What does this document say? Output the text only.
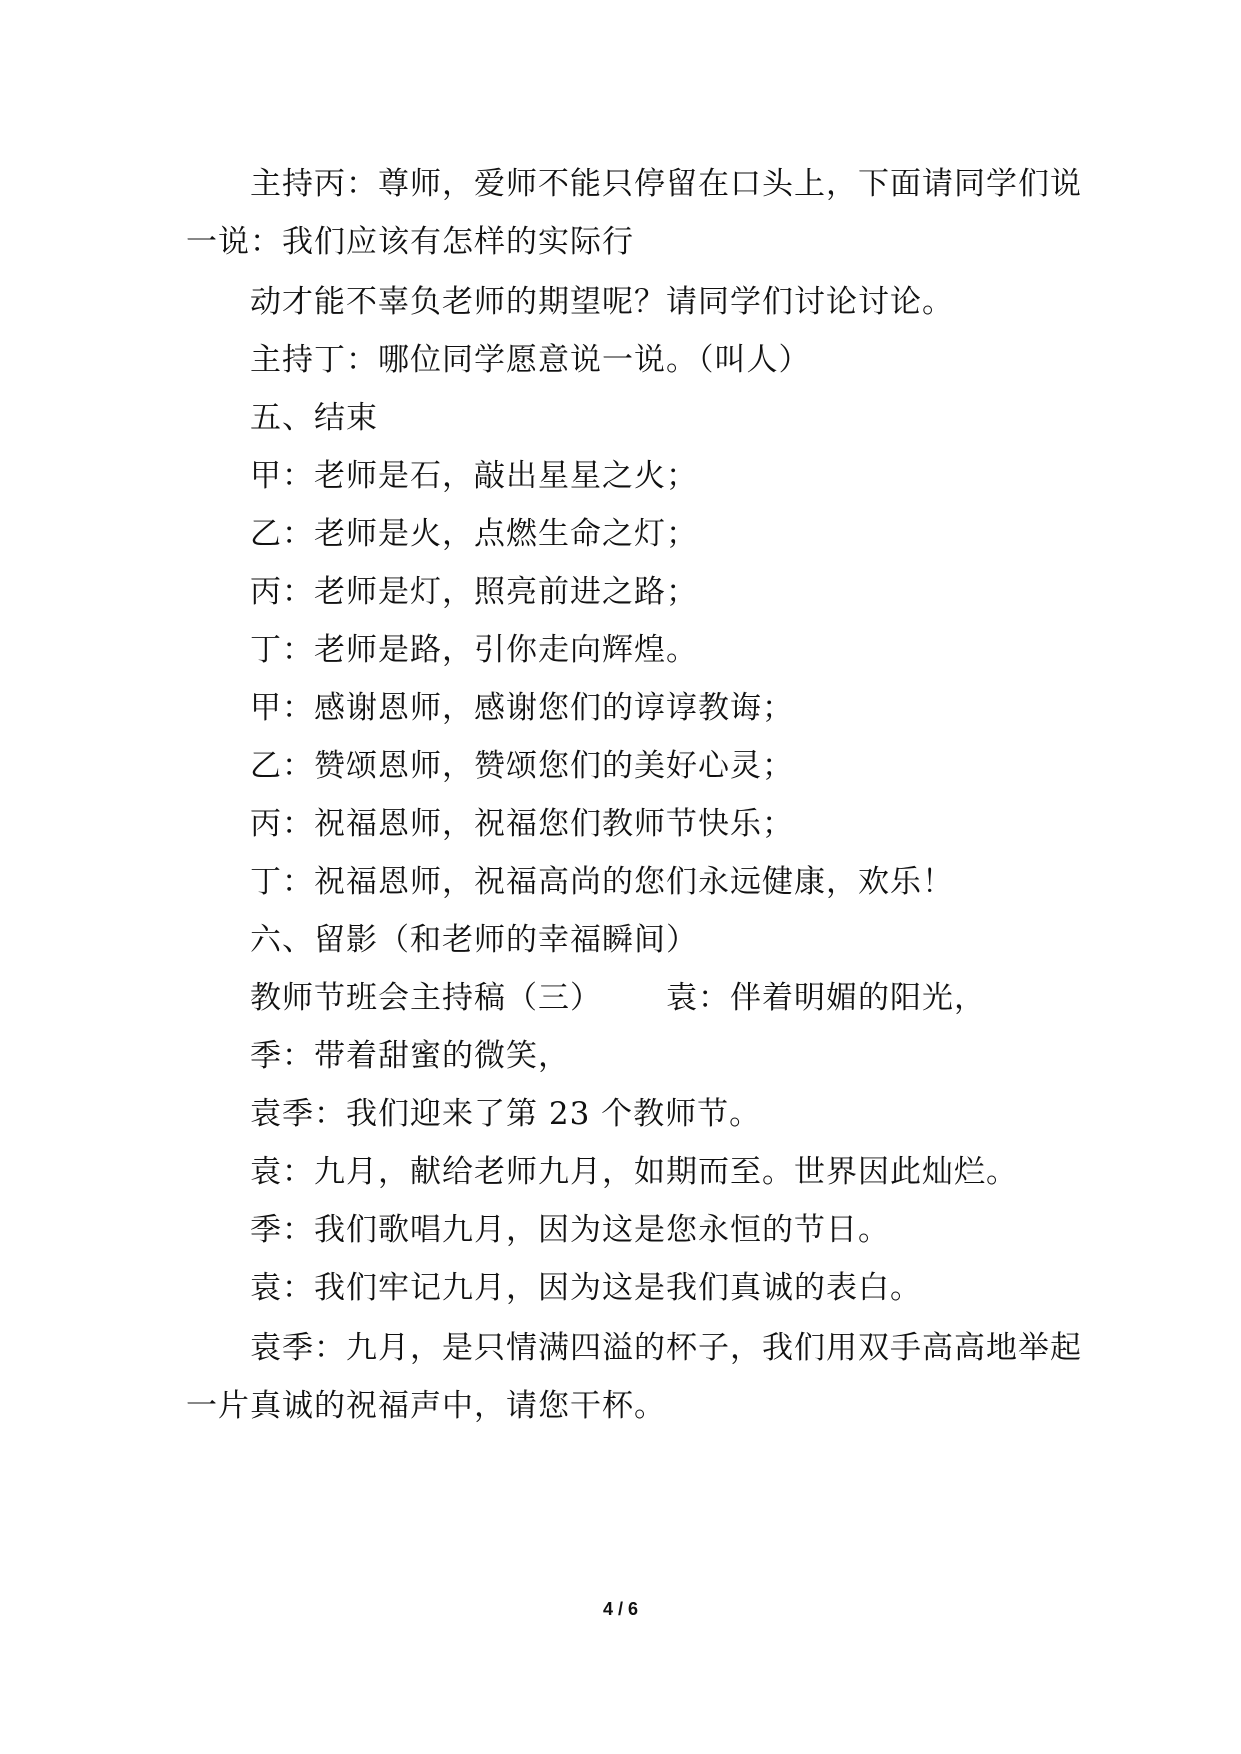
主持丙：尊师，爱师不能只停留在口头上，下面请同学们说
一说：我们应该有怎样的实际行
动才能不辜负老师的期望呢？请同学们讨论讨论。
主持丁：哪位同学愿意说一说。（叫人）
五、结束
甲：老师是石，敲出星星之火；
乙：老师是火，点燃生命之灯；
丙：老师是灯，照亮前进之路；
丁：老师是路，引你走向辉煌。
甲：感谢恩师，感谢您们的谆谆教诲；
乙：赞颂恩师，赞颂您们的美好心灵；
丙：祝福恩师，祝福您们教师节快乐；
丁：祝福恩师，祝福高尚的您们永远健康，欢乐！
六、留影（和老师的幸福瞬间）
教师节班会主持稿（三） 袁：伴着明媚的阳光，
季：带着甜蜜的微笑，
袁季：我们迎来了第 23 个教师节。
袁：九月，献给老师九月，如期而至。世界因此灿烂。
季：我们歌唱九月，因为这是您永恒的节日。
袁：我们牢记九月，因为这是我们真诚的表白。
袁季：九月，是只情满四溢的杯子，我们用双手高高地举起
一片真诚的祝福声中，请您干杯。
4 / 6
